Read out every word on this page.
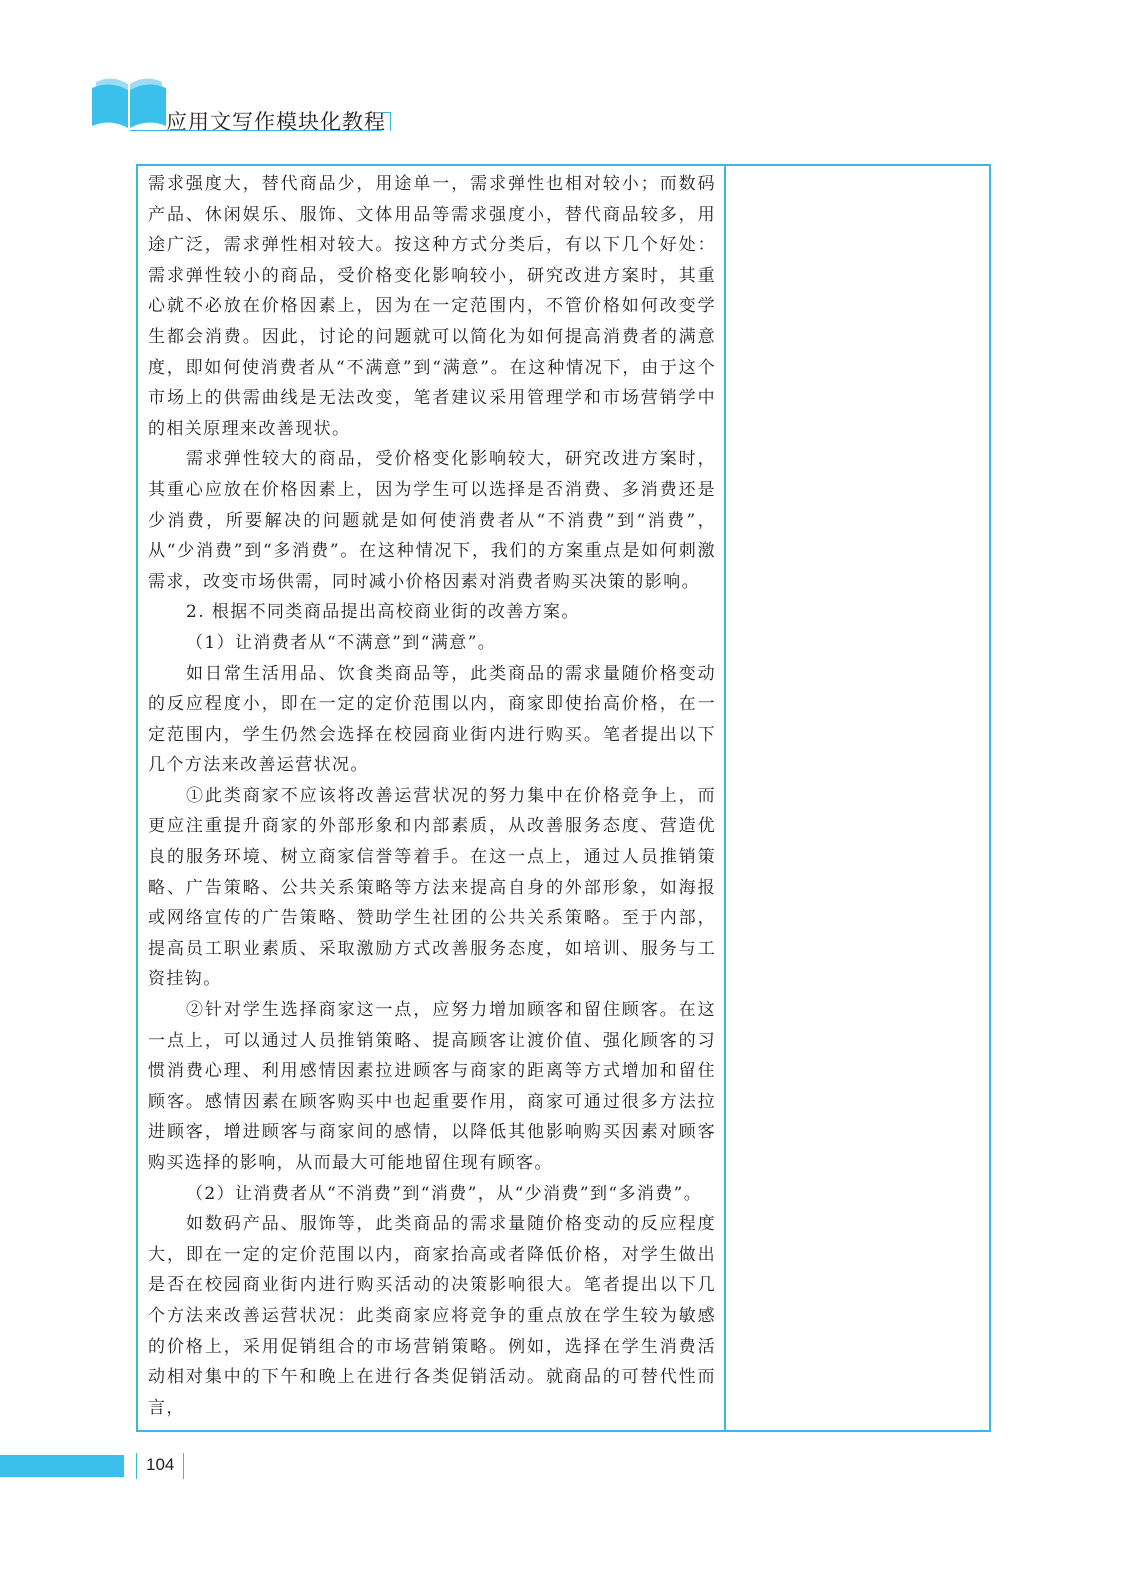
应用文写作模块化教程

需求强度大，替代商品少，用途单一，需求弹性也相对较小；而数码产品、休闲娱乐、服饰、文体用品等需求强度小，替代商品较多，用途广泛，需求弹性相对较大。按这种方式分类后，有以下几个好处：需求弹性较小的商品，受价格变化影响较小，研究改进方案时，其重心就不必放在价格因素上，因为在一定范围内，不管价格如何改变学生都会消费。因此，讨论的问题就可以简化为如何提高消费者的满意度，即如何使消费者从“不满意”到“满意”。在这种情况下，由于这个市场上的供需曲线是无法改变，笔者建议采用管理学和市场营销学中的相关原理来改善现状。

需求弹性较大的商品，受价格变化影响较大，研究改进方案时，其重心应放在价格因素上，因为学生可以选择是否消费、多消费还是少消费，所要解决的问题就是如何使消费者从“不消费”到“消费”，从“少消费”到“多消费”。在这种情况下，我们的方案重点是如何刺激需求，改变市场供需，同时减小价格因素对消费者购买决策的影响。

2. 根据不同类商品提出高校商业街的改善方案。

（1）让消费者从“不满意”到“满意”。

如日常生活用品、饮食类商品等，此类商品的需求量随价格变动的反应程度小，即在一定的定价范围以内，商家即使抬高价格，在一定范围内，学生仍然会选择在校园商业街内进行购买。笔者提出以下几个方法来改善运营状况。

①此类商家不应该将改善运营状况的努力集中在价格竞争上，而更应注重提升商家的外部形象和内部素质，从改善服务态度、营造优良的服务环境、树立商家信誉等着手。在这一点上，通过人员推销策略、广告策略、公共关系策略等方法来提高自身的外部形象，如海报或网络宣传的广告策略、赞助学生社团的公共关系策略。至于内部，提高员工职业素质、采取激励方式改善服务态度，如培训、服务与工资挂钩。

②针对学生选择商家这一点，应努力增加顾客和留住顾客。在这一点上，可以通过人员推销策略、提高顾客让渡价值、强化顾客的习惯消费心理、利用感情因素拉进顾客与商家的距离等方式增加和留住顾客。感情因素在顾客购买中也起重要作用，商家可通过很多方法拉进顾客，增进顾客与商家间的感情，以降低其他影响购买因素对顾客购买选择的影响，从而最大可能地留住现有顾客。

（2）让消费者从“不消费”到“消费”，从“少消费”到“多消费”。

如数码产品、服饰等，此类商品的需求量随价格变动的反应程度大，即在一定的定价范围以内，商家抬高或者降低价格，对学生做出是否在校园商业街内进行购买活动的决策影响很大。笔者提出以下几个方法来改善运营状况：此类商家应将竞争的重点放在学生较为敏感的价格上，采用促销组合的市场营销策略。例如，选择在学生消费活动相对集中的下午和晚上在进行各类促销活动。就商品的可替代性而言，

104
